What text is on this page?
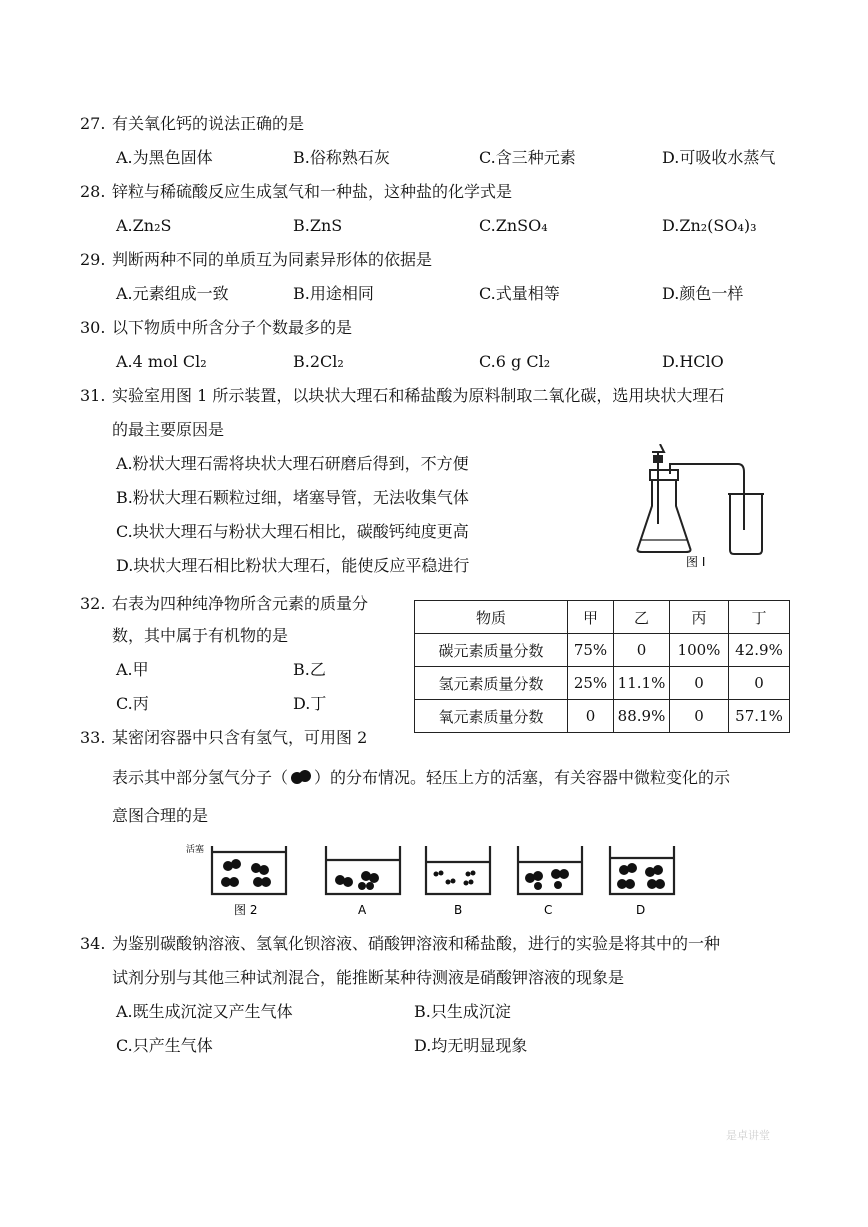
27. 有关氧化钙的说法正确的是
A.为黑色固体	B.俗称熟石灰	C.含三种元素	D.可吸收水蒸气
28. 锌粒与稀硫酸反应生成氢气和一种盐，这种盐的化学式是
A.Zn₂S	B.ZnS	C.ZnSO₄	D.Zn₂(SO₄)₃
29. 判断两种不同的单质互为同素异形体的依据是
A.元素组成一致	B.用途相同	C.式量相等	D.颜色一样
30. 以下物质中所含分子个数最多的是
A.4 mol Cl₂	B.2Cl₂	C.6 g Cl₂	D.HClO
31. 实验室用图 1 所示装置，以块状大理石和稀盐酸为原料制取二氧化碳，选用块状大理石
的最主要原因是
A.粉状大理石需将块状大理石研磨后得到，不方便
B.粉状大理石颗粒过细，堵塞导管，无法收集气体
C.块状大理石与粉状大理石相比，碳酸钙纯度更高
D.块状大理石相比粉状大理石，能使反应平稳进行	图 I
32. 右表为四种纯净物所含元素的质量分
数，其中属于有机物的是
A.甲	B.乙
C.丙	D.丁
物质	甲	乙	丙	丁
碳元素质量分数	75%	0	100%	42.9%
氢元素质量分数	25%	11.1%	0	0
氧元素质量分数	0	88.9%	0	57.1%
33. 某密闭容器中只含有氢气，可用图 2
表示其中部分氢气分子（ ）的分布情况。轻压上方的活塞，有关容器中微粒变化的示
意图合理的是
活塞
图 2	A	B	C	D
34. 为鉴别碳酸钠溶液、氢氧化钡溶液、硝酸钾溶液和稀盐酸，进行的实验是将其中的一种
试剂分别与其他三种试剂混合，能推断某种待测液是硝酸钾溶液的现象是
A.既生成沉淀又产生气体	B.只生成沉淀
C.只产生气体	D.均无明显现象
是卓讲堂
